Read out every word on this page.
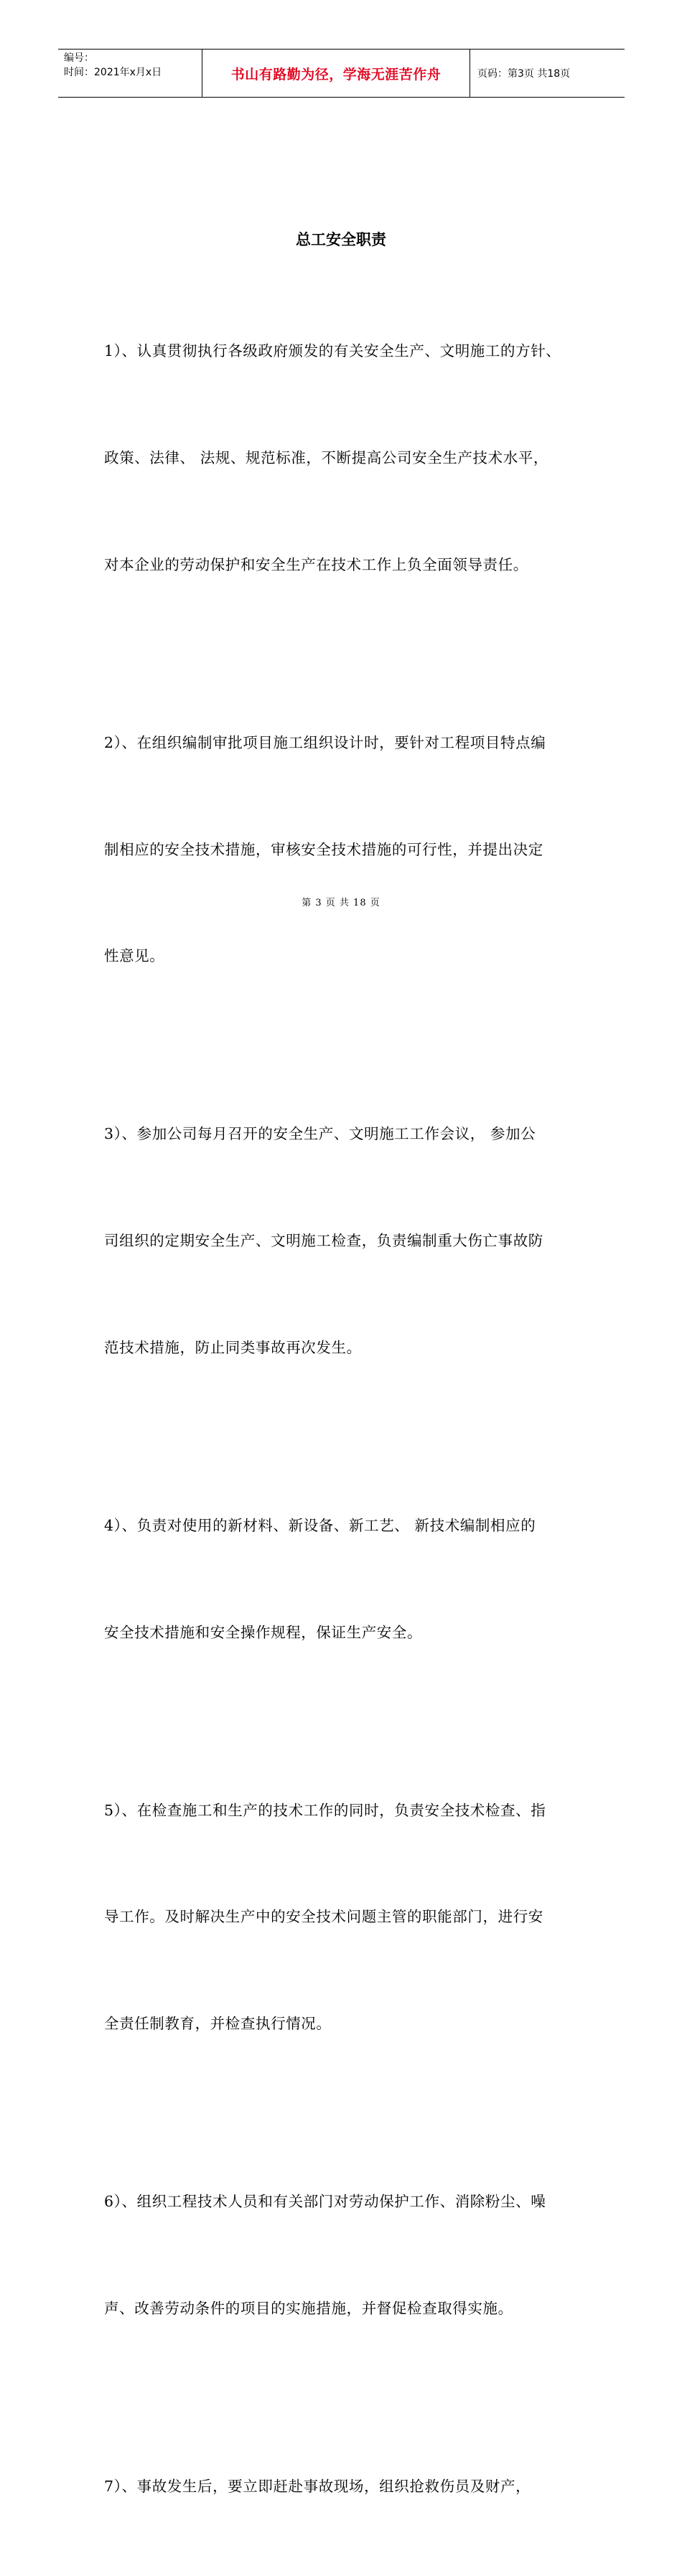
编号：
时间：2021年x月x日	书山有路勤为径，学海无涯苦作舟	页码：第3页 共18页
总工安全职责

1）、认真贯彻执行各级政府颁发的有关安全生产、文明施工的方针、

政策、法律、 法规、规范标准，不断提高公司安全生产技术水平，

对本企业的劳动保护和安全生产在技术工作上负全面领导责任。

2）、在组织编制审批项目施工组织设计时，要针对工程项目特点编

制相应的安全技术措施，审核安全技术措施的可行性，并提出决定

性意见。

3）、参加公司每月召开的安全生产、文明施工工作会议， 参加公

司组织的定期安全生产、文明施工检查，负责编制重大伤亡事故防

范技术措施，防止同类事故再次发生。

4）、负责对使用的新材料、新设备、新工艺、 新技术编制相应的

安全技术措施和安全操作规程，保证生产安全。

5）、在检查施工和生产的技术工作的同时，负责安全技术检查、指

导工作。及时解决生产中的安全技术问题主管的职能部门，进行安

全责任制教育，并检查执行情况。

6）、组织工程技术人员和有关部门对劳动保护工作、消除粉尘、噪

声、改善劳动条件的项目的实施措施，并督促检查取得实施。

7）、事故发生后，要立即赶赴事故现场，组织抢救伤员及财产，

第 3 页 共 18 页
